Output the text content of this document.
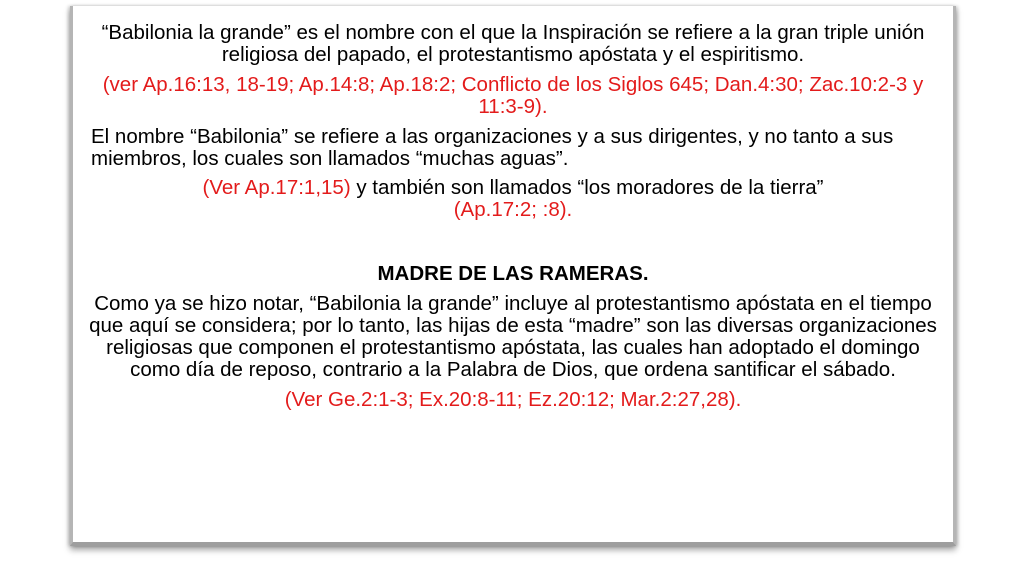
“Babilonia la grande” es el nombre con el que la Inspiración se refiere a la gran triple unión religiosa del papado, el protestantismo apóstata y el espiritismo.

(ver Ap.16:13, 18-19; Ap.14:8; Ap.18:2; Conflicto de los Siglos 645; Dan.4:30; Zac.10:2-3 y 11:3-9).

El nombre “Babilonia” se refiere a las organizaciones y a sus dirigentes, y no tanto a sus miembros, los cuales son llamados “muchas aguas”.

(Ver Ap.17:1,15) y también son llamados “los moradores de la tierra”
(Ap.17:2; :8).

MADRE DE LAS RAMERAS.

Como ya se hizo notar, “Babilonia la grande” incluye al protestantismo apóstata en el tiempo que aquí se considera; por lo tanto, las hijas de esta “madre” son las diversas organizaciones religiosas que componen el protestantismo apóstata, las cuales han adoptado el domingo como día de reposo, contrario a la Palabra de Dios, que ordena santificar el sábado.

(Ver Ge.2:1-3; Ex.20:8-11; Ez.20:12; Mar.2:27,28).
